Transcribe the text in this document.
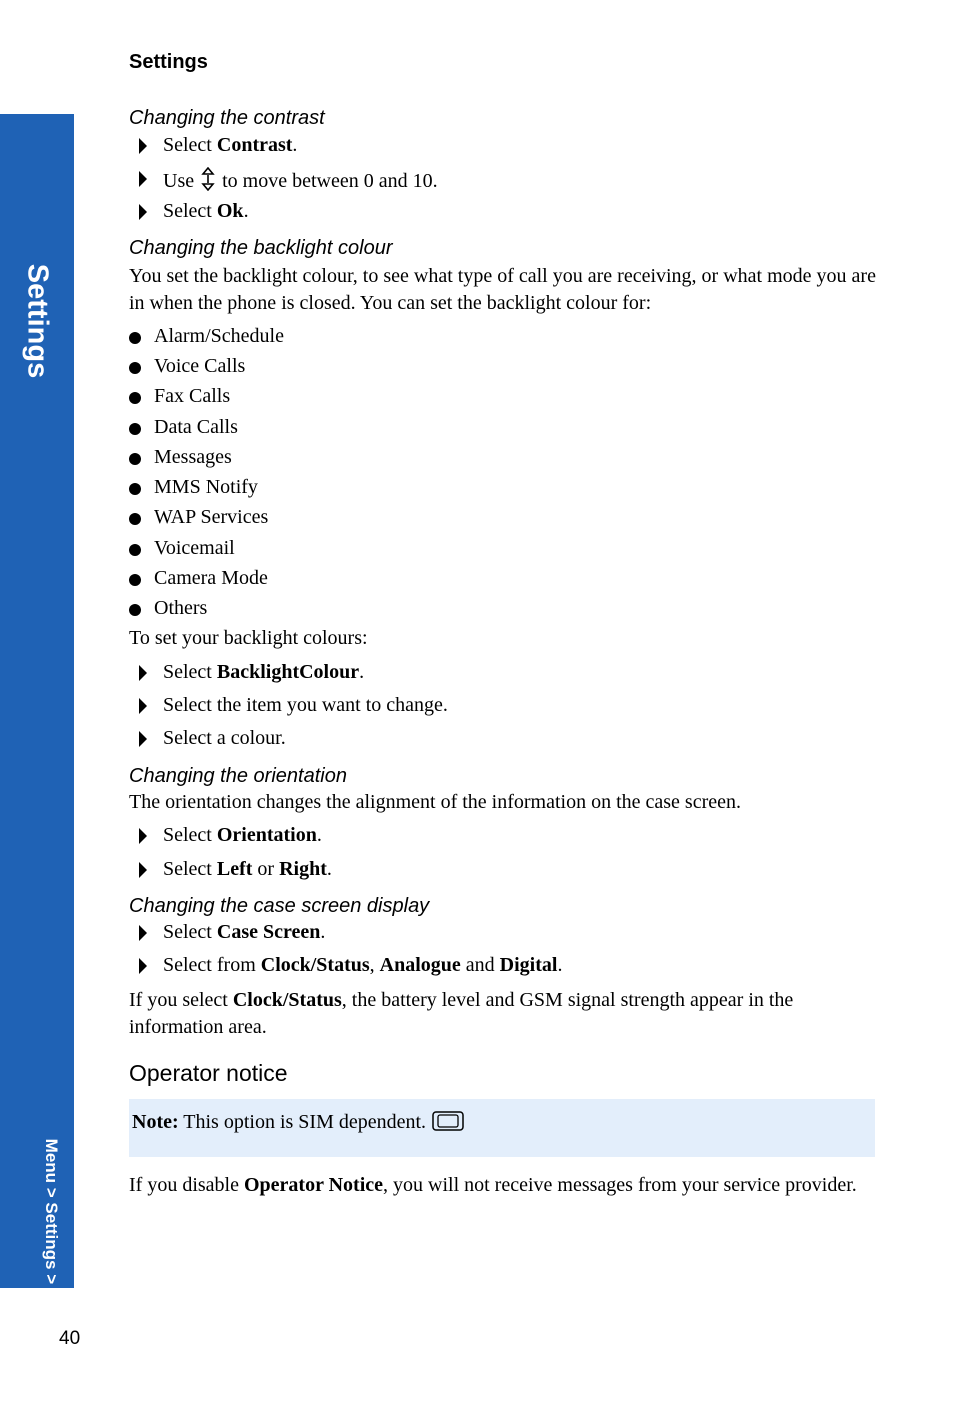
Settings
Menu > Settings > Display
Settings
Changing the contrast
Select Contrast.
Use  to move between 0 and 10.
Select Ok.
Changing the backlight colour
You set the backlight colour, to see what type of call you are receiving, or what mode you are in when the phone is closed. You can set the backlight colour for:
Alarm/Schedule
Voice Calls
Fax Calls
Data Calls
Messages
MMS Notify
WAP Services
Voicemail
Camera Mode
Others
To set your backlight colours:
Select BacklightColour.
Select the item you want to change.
Select a colour.
Changing the orientation
The orientation changes the alignment of the information on the case screen.
Select Orientation.
Select Left or Right.
Changing the case screen display
Select Case Screen.
Select from Clock/Status, Analogue and Digital.
If you select Clock/Status, the battery level and GSM signal strength appear in the information area.
Operator notice
Note: This option is SIM dependent.
If you disable Operator Notice, you will not receive messages from your service provider.
40
